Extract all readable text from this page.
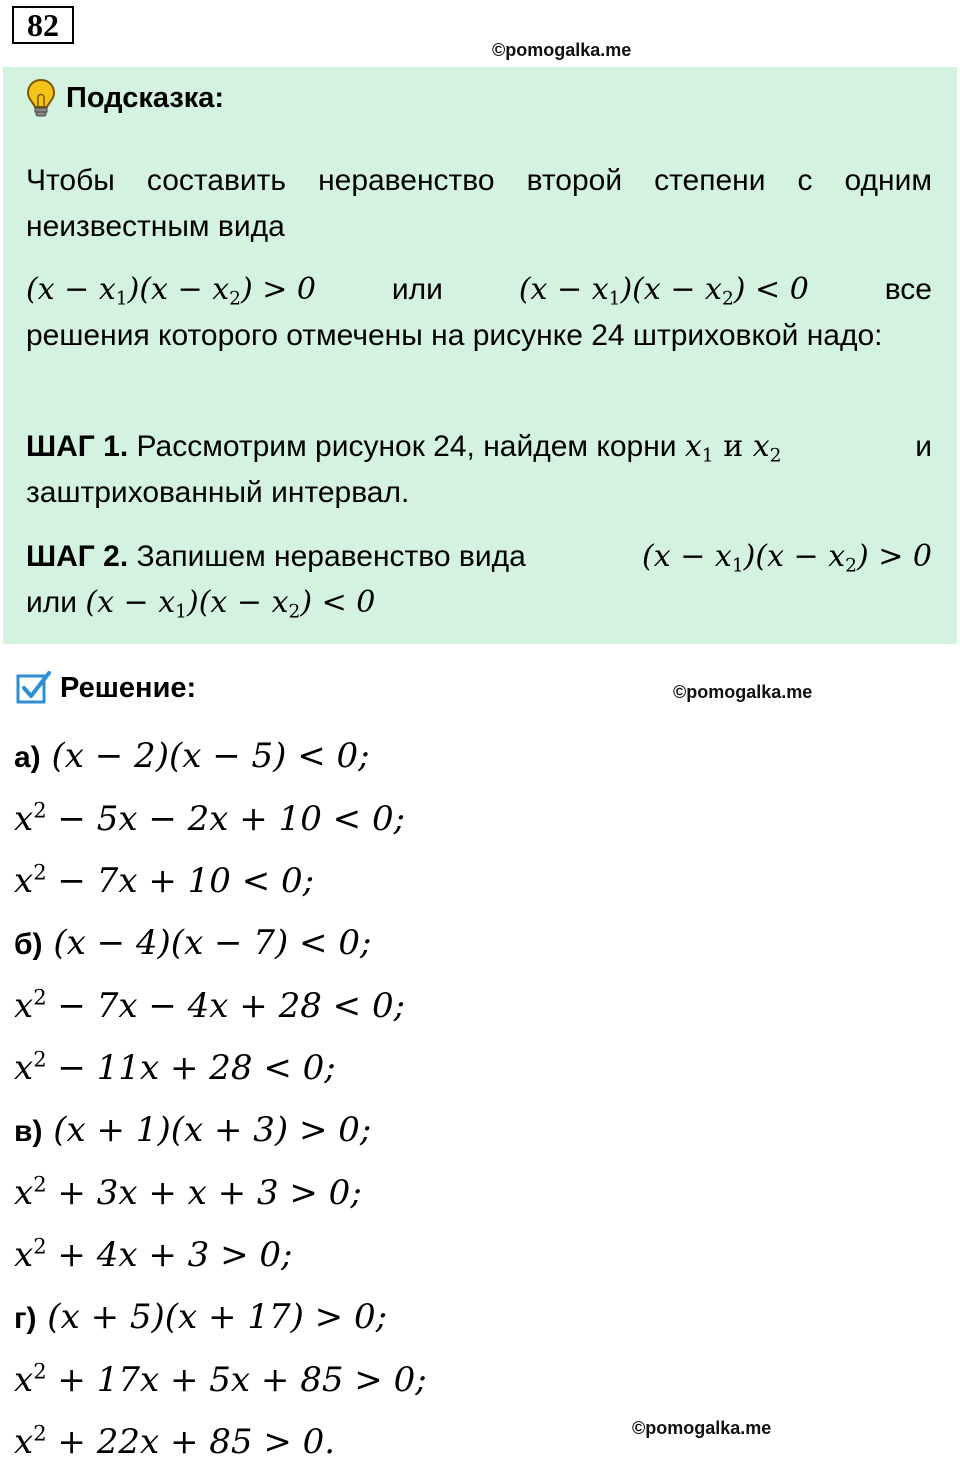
82
©pomogalka.me
Подсказка:
Чтобы составить неравенство второй степени с одним неизвестным вида
$(x - x_1)(x - x_2) > 0$	или	$(x - x_1)(x - x_2) < 0$	все
решения которого отмечены на рисунке 24 штриховкой надо:
ШАГ 1. Рассмотрим рисунок 24, найдем корни $x_1$ и $x_2$	и

заштрихованный интервал.
ШАГ 2. Запишем неравенство вида	$(x - x_1)(x - x_2) > 0$

или $(x - x_1)(x - x_2) < 0$
Решение:	©pomogalka.me
а) (x − 2)(x − 5) < 0;
$x^2 - 5x - 2x + 10 < 0$;
$x^2 - 7x + 10 < 0$;
б) (x − 4)(x − 7) < 0;
$x^2 - 7x - 4x + 28 < 0$;
$x^2 - 11x + 28 < 0$;
в) (x + 1)(x + 3) > 0;
$x^2 + 3x + x + 3 > 0$;
$x^2 + 4x + 3 > 0$;
г) (x + 5)(x + 17) > 0;
$x^2 + 17x + 5x + 85 > 0$;
$x^2 + 22x + 85 > 0$.	©pomogalka.me
